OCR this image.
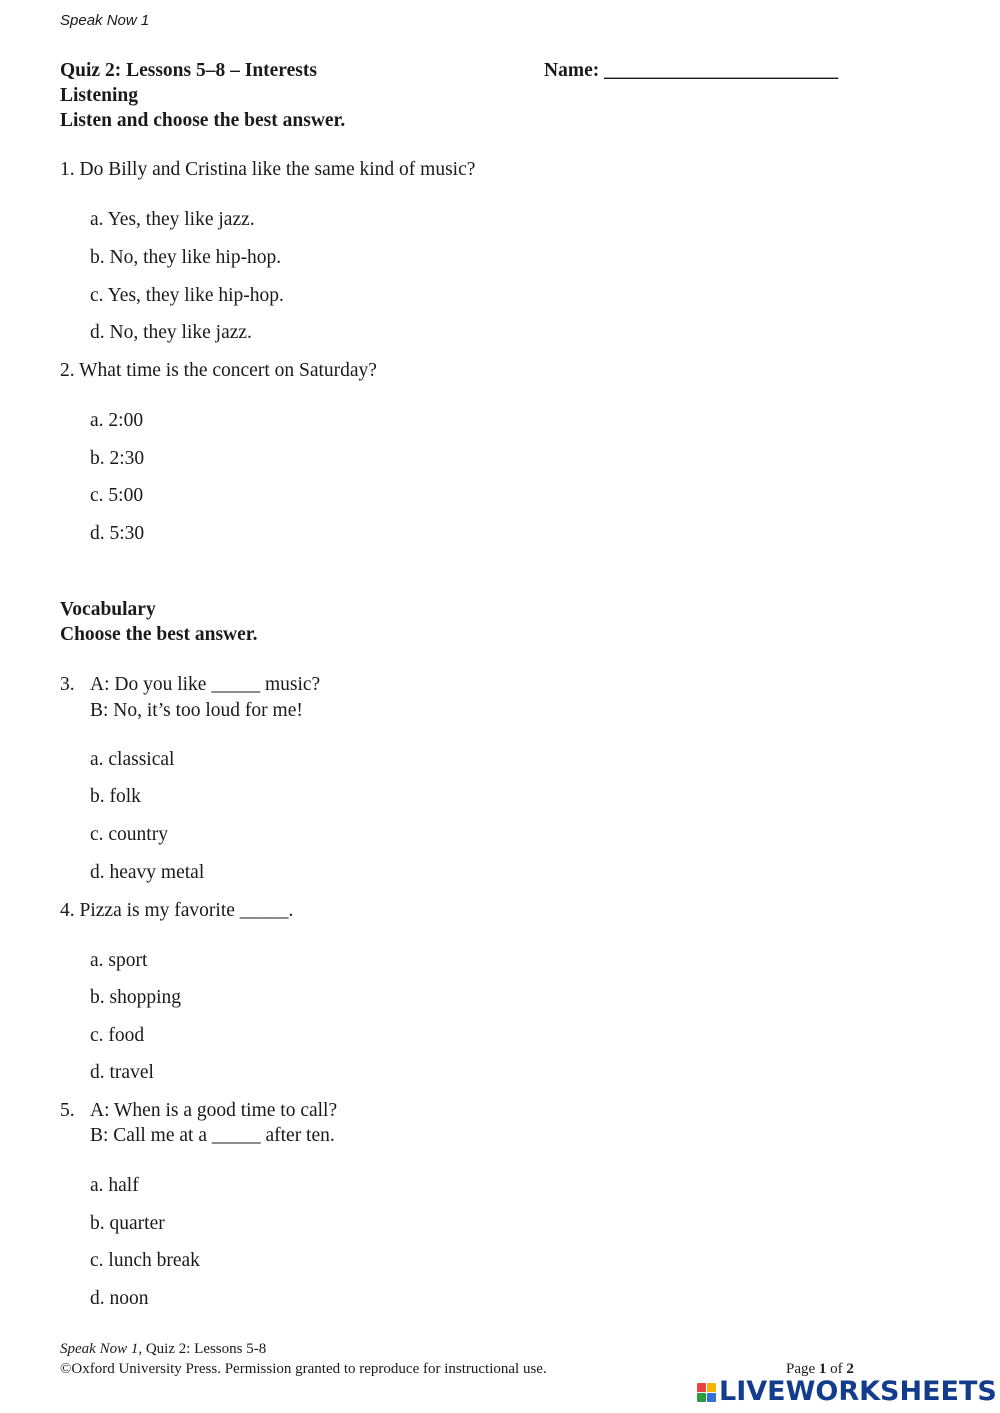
Speak Now 1
Quiz 2: Lessons 5–8 – Interests	Name: ________________________
Listening
Listen and choose the best answer.
1. Do Billy and Cristina like the same kind of music?
a. Yes, they like jazz.
b. No, they like hip-hop.
c. Yes, they like hip-hop.
d. No, they like jazz.
2. What time is the concert on Saturday?
a. 2:00
b. 2:30
c. 5:00
d. 5:30
Vocabulary
Choose the best answer.
3. A: Do you like _____ music?
B: No, it’s too loud for me!
a. classical
b. folk
c. country
d. heavy metal
4. Pizza is my favorite _____.
a. sport
b. shopping
c. food
d. travel
5. A: When is a good time to call?
B: Call me at a _____ after ten.
a. half
b. quarter
c. lunch break
d. noon
Speak Now 1, Quiz 2: Lessons 5-8
©Oxford University Press. Permission granted to reproduce for instructional use.	Page 1 of 2
LIVEWORKSHEETS
